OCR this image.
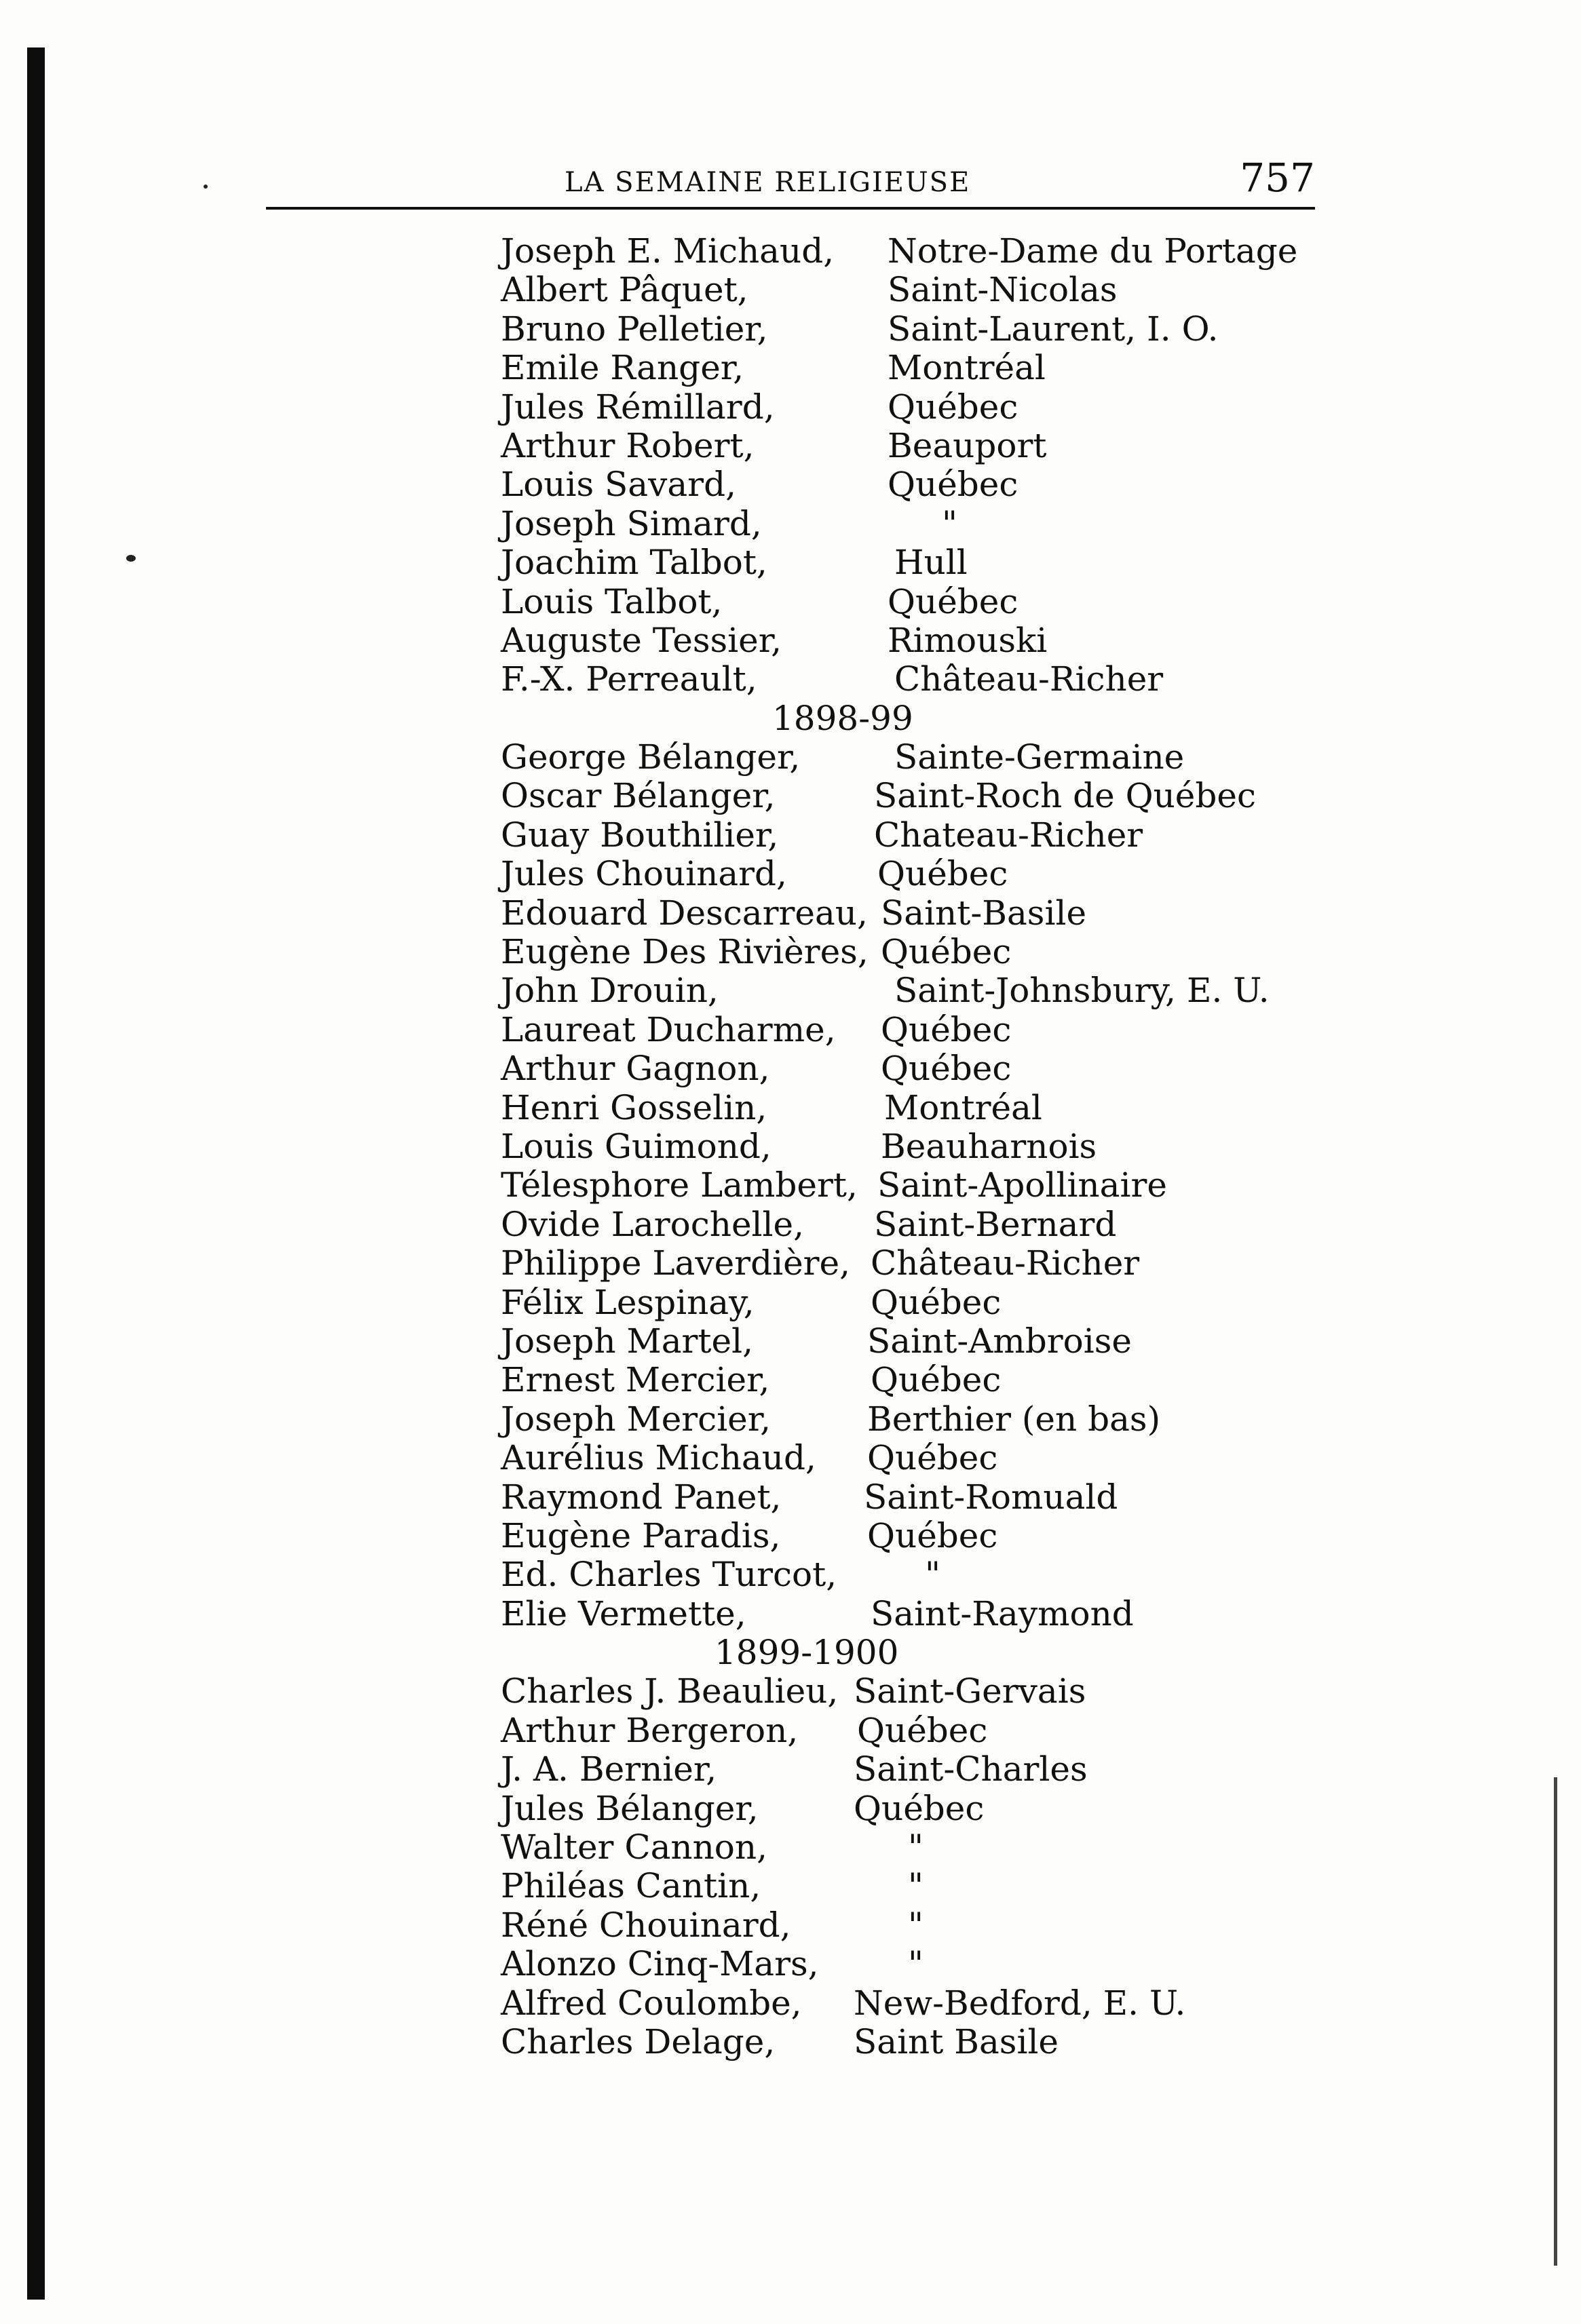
LA SEMAINE RELIGIEUSE	757
Joseph E. Michaud, Notre-Dame du Portage
Albert Pâquet,	Saint-Nicolas
Bruno Pelletier,	Saint-Laurent, I. O.
Emile Ranger,	Montréal
Jules Rémillard,	Québec
Arthur Robert,	Beauport
Louis Savard,	Québec
Joseph Simard,	"
Joachim Talbot,	Hull
Louis Talbot,	Québec
Auguste Tessier,	Rimouski
F.-X. Perreault,	Château-Richer
1898-99
George Bélanger,	Sainte-Germaine
Oscar Bélanger,	Saint-Roch de Québec
Guay Bouthilier,	Chateau-Richer
Jules Chouinard,	Québec
Edouard Descarreau, Saint-Basile
Eugène Des Rivières, Québec
John Drouin,	Saint-Johnsbury, E. U.
Laureat Ducharme, Québec
Arthur Gagnon,	Québec
Henri Gosselin,	Montréal
Louis Guimond,	Beauharnois
Télesphore Lambert, Saint-Apollinaire
Ovide Larochelle, Saint-Bernard
Philippe Laverdière, Château-Richer
Félix Lespinay,	Québec
Joseph Martel,	Saint-Ambroise
Ernest Mercier,	Québec
Joseph Mercier,	Berthier (en bas)
Aurélius Michaud, Québec
Raymond Panet, Saint-Romuald
Eugène Paradis,	Québec
Ed. Charles Turcot,	"
Elie Vermette,	Saint-Raymond
1899-1900
Charles J. Beaulieu, Saint-Gervais
Arthur Bergeron, Québec
J. A. Bernier,	Saint-Charles
Jules Bélanger,	Québec
Walter Cannon,	"
Philéas Cantin,	"
Réné Chouinard,	"
Alonzo Cinq-Mars,	"
Alfred Coulombe, New-Bedford, E. U.
Charles Delage, Saint Basile
